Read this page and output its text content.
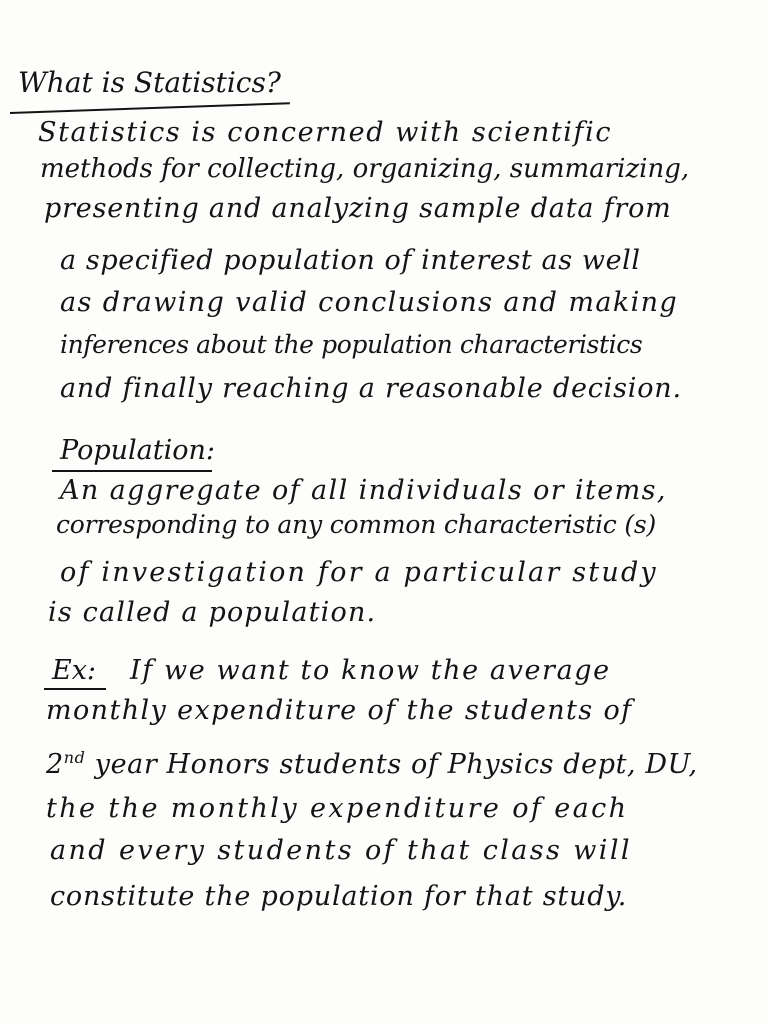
What is Statistics?
Statistics is concerned with scientific
methods for collecting, organizing, summarizing,
presenting and analyzing sample data from
a specified population of interest as well
as drawing valid conclusions and making
inferences about the population characteristics
and finally reaching a reasonable decision.
Population:
An aggregate of all individuals or items,
corresponding to any common characteristic (s)
of investigation for a particular study
is called a population.
Ex: If we want to know the average
monthly expenditure of the students of
2nd year Honors students of Physics dept, DU,
the the monthly expenditure of each
and every students of that class will
constitute the population for that study.
